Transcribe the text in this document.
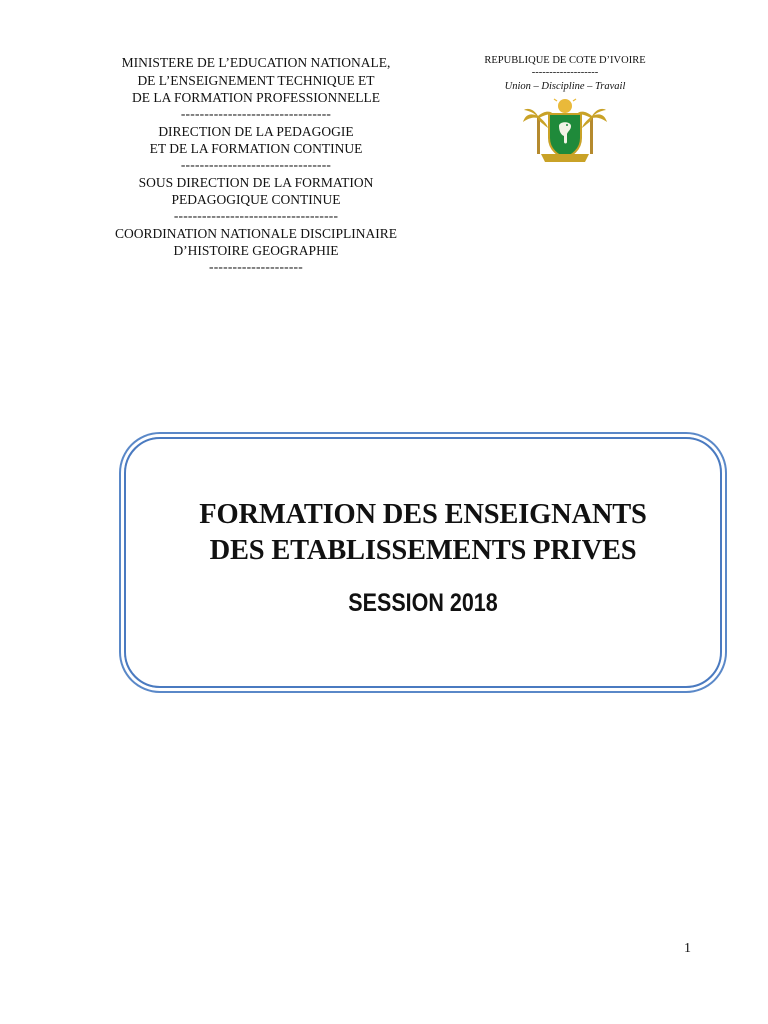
MINISTERE DE L’EDUCATION NATIONALE,
DE L’ENSEIGNEMENT TECHNIQUE ET
DE LA FORMATION PROFESSIONNELLE
--------------------------------
DIRECTION DE LA PEDAGOGIE
ET DE LA FORMATION CONTINUE
--------------------------------
SOUS DIRECTION DE LA FORMATION
PEDAGOGIQUE CONTINUE
-----------------------------------
COORDINATION NATIONALE DISCIPLINAIRE
D’HISTOIRE GEOGRAPHIE
--------------------
REPUBLIQUE DE COTE D’IVOIRE
-------------------
Union – Discipline – Travail
FORMATION DES ENSEIGNANTS
DES ETABLISSEMENTS PRIVES
SESSION 2018
1
